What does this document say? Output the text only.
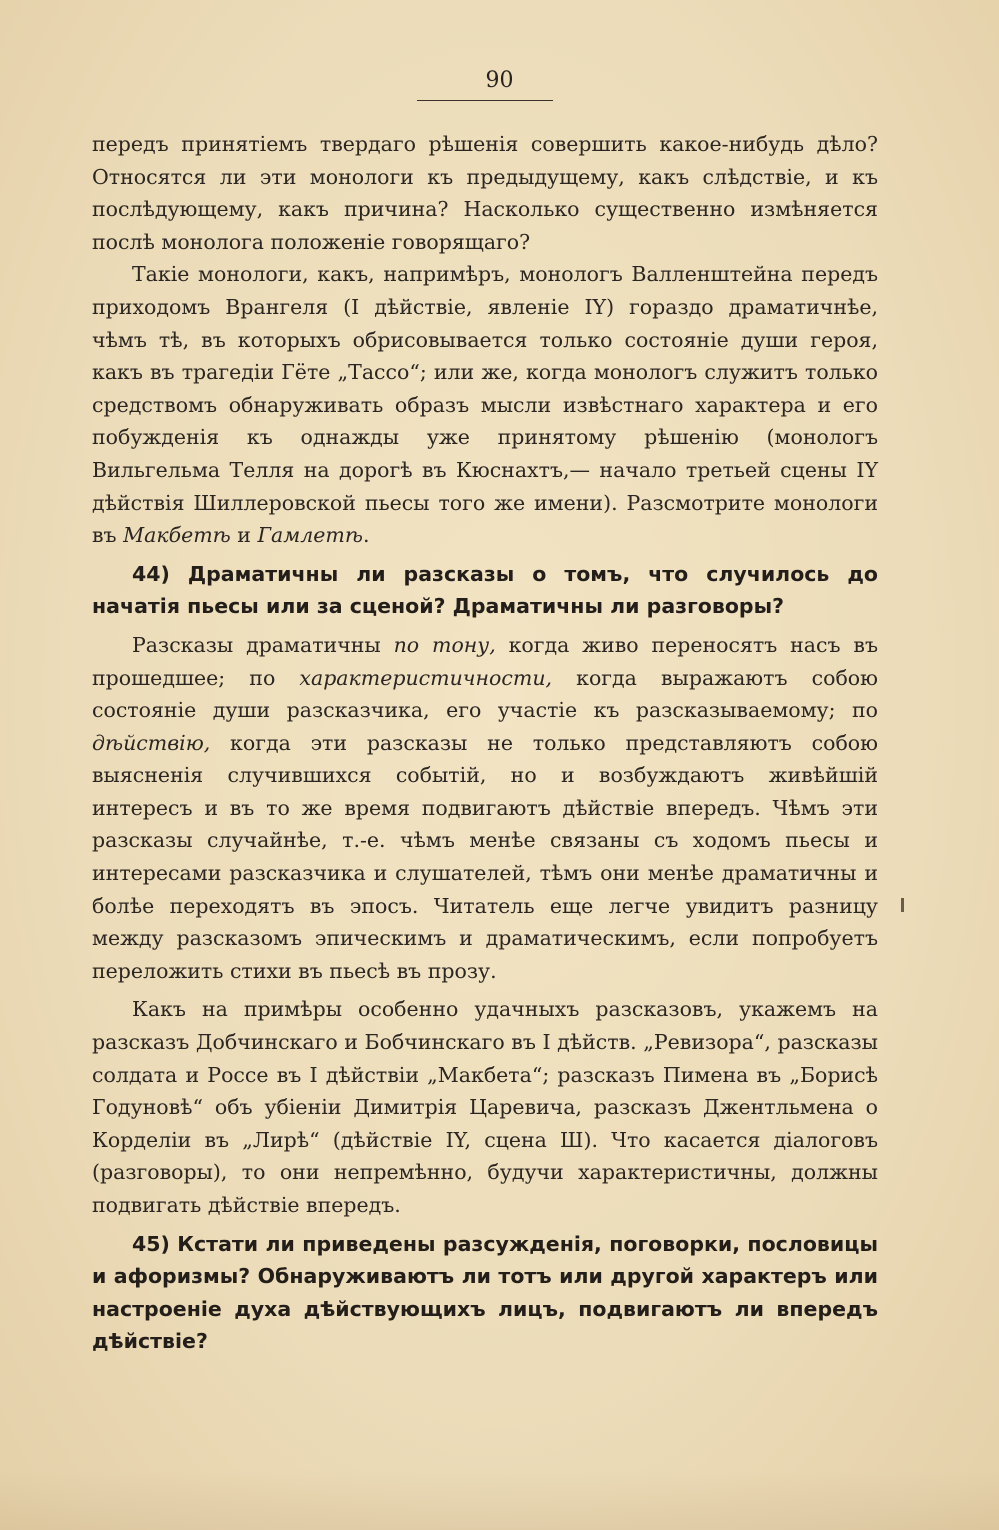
90

передъ принятіемъ твердаго рѣшенія совершить какое-нибудь дѣло? Относятся ли эти монологи къ предыдущему, какъ слѣдствіе, и къ послѣдующему, какъ причина? Насколько существенно измѣняется послѣ монолога положеніе говорящаго?

Такіе монологи, какъ, напримѣръ, монологъ Валленштейна передъ приходомъ Врангеля (I дѣйствіе, явленіе IY) гораздо драматичнѣе, чѣмъ тѣ, въ которыхъ обрисовывается только состояніе души героя, какъ въ трагедіи Гёте „Тассо“; или же, когда монологъ служитъ только средствомъ обнаруживать образъ мысли извѣстнаго характера и его побужденія къ однажды уже принятому рѣшенію (монологъ Вильгельма Телля на дорогѣ въ Кюснахтъ,— начало третьей сцены IY дѣйствія Шиллеровской пьесы того же имени). Разсмотрите монологи въ Макбетѣ и Гамлетѣ.

44) Драматичны ли разсказы о томъ, что случилось до начатія пьесы или за сценой? Драматичны ли разговоры?

Разсказы драматичны по тону, когда живо переносятъ насъ въ прошедшее; по характеристичности, когда выражаютъ собою состояніе души разсказчика, его участіе къ разсказываемому; по дѣйствію, когда эти разсказы не только представляютъ собою выясненія случившихся событій, но и возбуждаютъ живѣйшій интересъ и въ то же время подвигаютъ дѣйствіе впередъ. Чѣмъ эти разсказы случайнѣе, т.-е. чѣмъ менѣе связаны съ ходомъ пьесы и интересами разсказчика и слушателей, тѣмъ они менѣе драматичны и болѣе переходятъ въ эпосъ. Читатель еще легче увидитъ разницу между разсказомъ эпическимъ и драматическимъ, если попробуетъ переложить стихи въ пьесѣ въ прозу.

Какъ на примѣры особенно удачныхъ разсказовъ, укажемъ на разсказъ Добчинскаго и Бобчинскаго въ I дѣйств. „Ревизора“, разсказы солдата и Россе въ I дѣйствіи „Макбета“; разсказъ Пимена въ „Борисѣ Годуновѣ“ объ убіеніи Димитрія Царевича, разсказъ Джентльмена о Корделіи въ „Лирѣ“ (дѣйствіе IY, сцена Ш). Что касается діалоговъ (разговоры), то они непремѣнно, будучи характеристичны, должны подвигать дѣйствіе впередъ.

45) Кстати ли приведены разсужденія, поговорки, пословицы и афоризмы? Обнаруживаютъ ли тотъ или другой характеръ или настроеніе духа дѣйствующихъ лицъ, подвигаютъ ли впередъ дѣйствіе?
